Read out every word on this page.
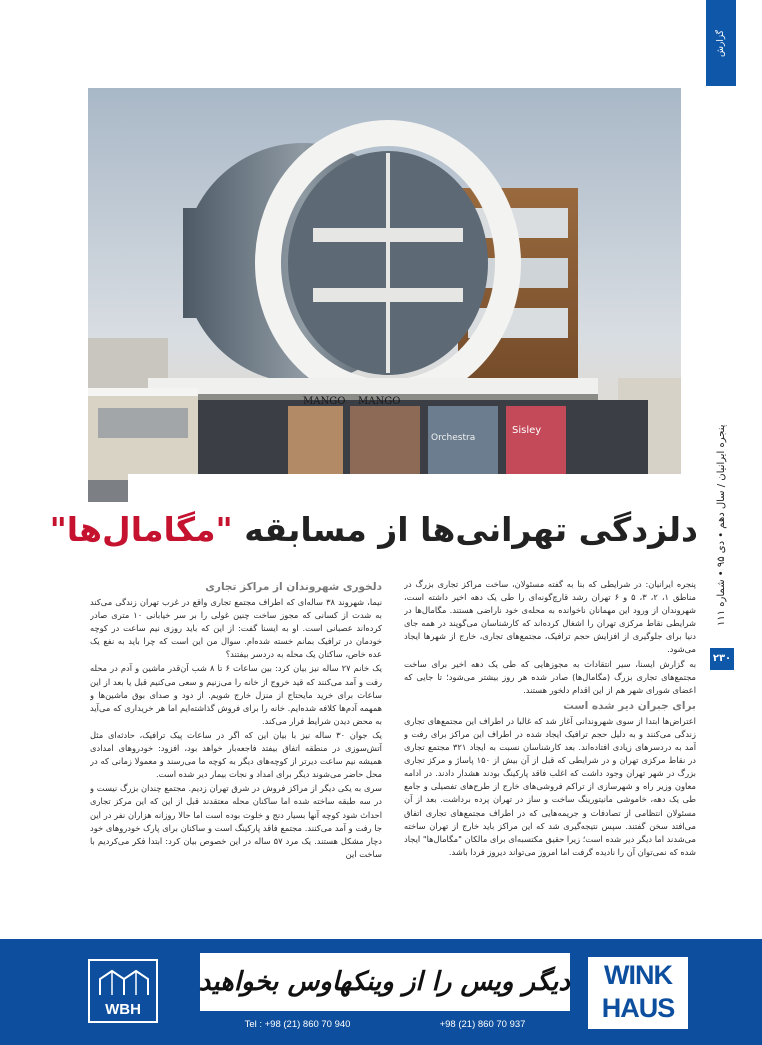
گزارش
پنجره ایرانیان / سال دهم • دی ۹۵ • شماره ۱۱۱
۲۳۰
MANGO MANGO
Orchestra
Sisley
دلزدگی تهرانی‌ها از مسابقه "مگامال‌ها"

پنجره ایرانیان: در شرایطی که بنا به گفته مسئولان، ساخت مراکز تجاری بزرگ در مناطق ۱، ۲، ۳، ۵ و ۶ تهران رشد قارچ‌گونه‌ای را طی یک دهه اخیر داشته است، شهروندان از ورود این مهمانان ناخوانده به محله‌ی خود ناراضی هستند. مگامال‌ها در شرایطی نقاط مرکزی تهران را اشغال کرده‌اند که کارشناسان می‌گویند در همه جای دنیا برای جلوگیری از افزایش حجم ترافیک، مجتمع‌های تجاری، خارج از شهرها ایجاد می‌شود.

به گزارش ایسنا، سیر انتقادات به مجوزهایی که طی یک دهه اخیر برای ساخت مجتمع‌های تجاری بزرگ (مگامال‌ها) صادر شده هر روز بیشتر می‌شود؛ تا جایی که اعضای شورای شهر هم از این اقدام دلخور هستند.

برای جبران دیر شده است

اعتراض‌ها ابتدا از سوی شهروندانی آغاز شد که غالبا در اطراف این مجتمع‌های تجاری زندگی می‌کنند و به دلیل حجم ترافیک ایجاد شده در اطراف این مراکز برای رفت و آمد به درد‌سرهای زیادی افتاده‌اند. بعد کارشناسان نسبت به ایجاد ۳۲۱ مجتمع تجاری در نقاط مرکزی تهران و در شرایطی که قبل از آن بیش از ۱۵۰ پاساژ و مرکز تجاری بزرگ در شهر تهران وجود داشت که اغلب فاقد پارکینگ بودند هشدار دادند. در ادامه معاون وزیر راه و شهرسازی از تراکم فروشی‌های خارج از طرح‌های تفصیلی و جامع طی یک دهه، خاموشی مانیتورینگ ساخت و ساز در تهران پرده برداشت. بعد از آن مسئولان انتظامی از تصادفات و جریمه‌هایی که در اطراف مجتمع‌های تجاری اتفاق می‌افتد سخن گفتند. سپس نتیجه‌گیری شد که این مراکز باید خارج از تهران ساخته می‌شدند اما دیگر دیر شده است؛ زیرا حقیق مکتسبه‌ای برای مالکان "مگامال‌ها" ایجاد شده که نمی‌توان آن را نادیده گرفت اما امروز می‌تواند دیروز فردا باشد.

دلخوری شهروندان از مراکز تجاری

نیما، شهروند ۳۸ ساله‌ای که اطراف مجتمع تجاری واقع در غرب تهران زندگی می‌کند به شدت از کسانی که مجوز ساخت چنین غولی را بر سر خیابانی ۱۰ متری صادر کرده‌اند عصبانی است. او به ایسنا گفت: از این که باید روزی نیم ساعت در کوچه خودمان در ترافیک بمانم خسته شده‌ام. سوال من این است که چرا باید به نفع یک عده خاص، ساکنان یک محله به دردسر بیفتند؟

یک خانم ۲۷ ساله نیز بیان کرد: بین ساعات ۶ تا ۸ شب آن‌قدر ماشین و آدم در محله رفت و آمد می‌کنند که قید خروج از خانه را می‌زنیم و سعی می‌کنیم قبل یا بعد از این ساعات برای خرید مایحتاج از منزل خارج شویم. از دود و صدای بوق ماشین‌ها و همهمه آدم‌ها کلافه شده‌ایم. خانه را برای فروش گذاشته‌ایم اما هر خریداری که می‌آید به محض دیدن شرایط فرار می‌کند.

یک جوان ۳۰ ساله نیز با بیان این که اگر در ساعات پیک ترافیک، حادثه‌ای مثل آتش‌سوزی در منطقه اتفاق بیفتد فاجعه‌بار خواهد بود، افزود: خودروهای امدادی همیشه نیم ساعت دیرتر از کوچه‌های دیگر به کوچه ما می‌رسند و معمولا زمانی که در محل حاضر می‌شوند دیگر برای امداد و نجات بیمار دیر شده است.

سری به یکی دیگر از مراکز فروش در شرق تهران زدیم. مجتمع چندان بزرگ نیست و در سه طبقه ساخته شده اما ساکنان محله معتقدند قبل از این که این مرکز تجاری احداث شود کوچه آنها بسیار دنج و خلوت بوده است اما حالا روزانه هزاران نفر در این جا رفت و آمد می‌کنند. مجتمع فاقد پارکینگ است و ساکنان برای پارک خودروهای خود دچار مشکل هستند. یک مرد ۵۷ ساله در این خصوص بیان کرد: ابتدا فکر می‌کردیم با ساخت این

WBH
دیگر ویس را از وینکهاوس بخواهید
Tel : +98 (21) 860 70 940	+98 (21) 860 70 937
WINK
HAUS
